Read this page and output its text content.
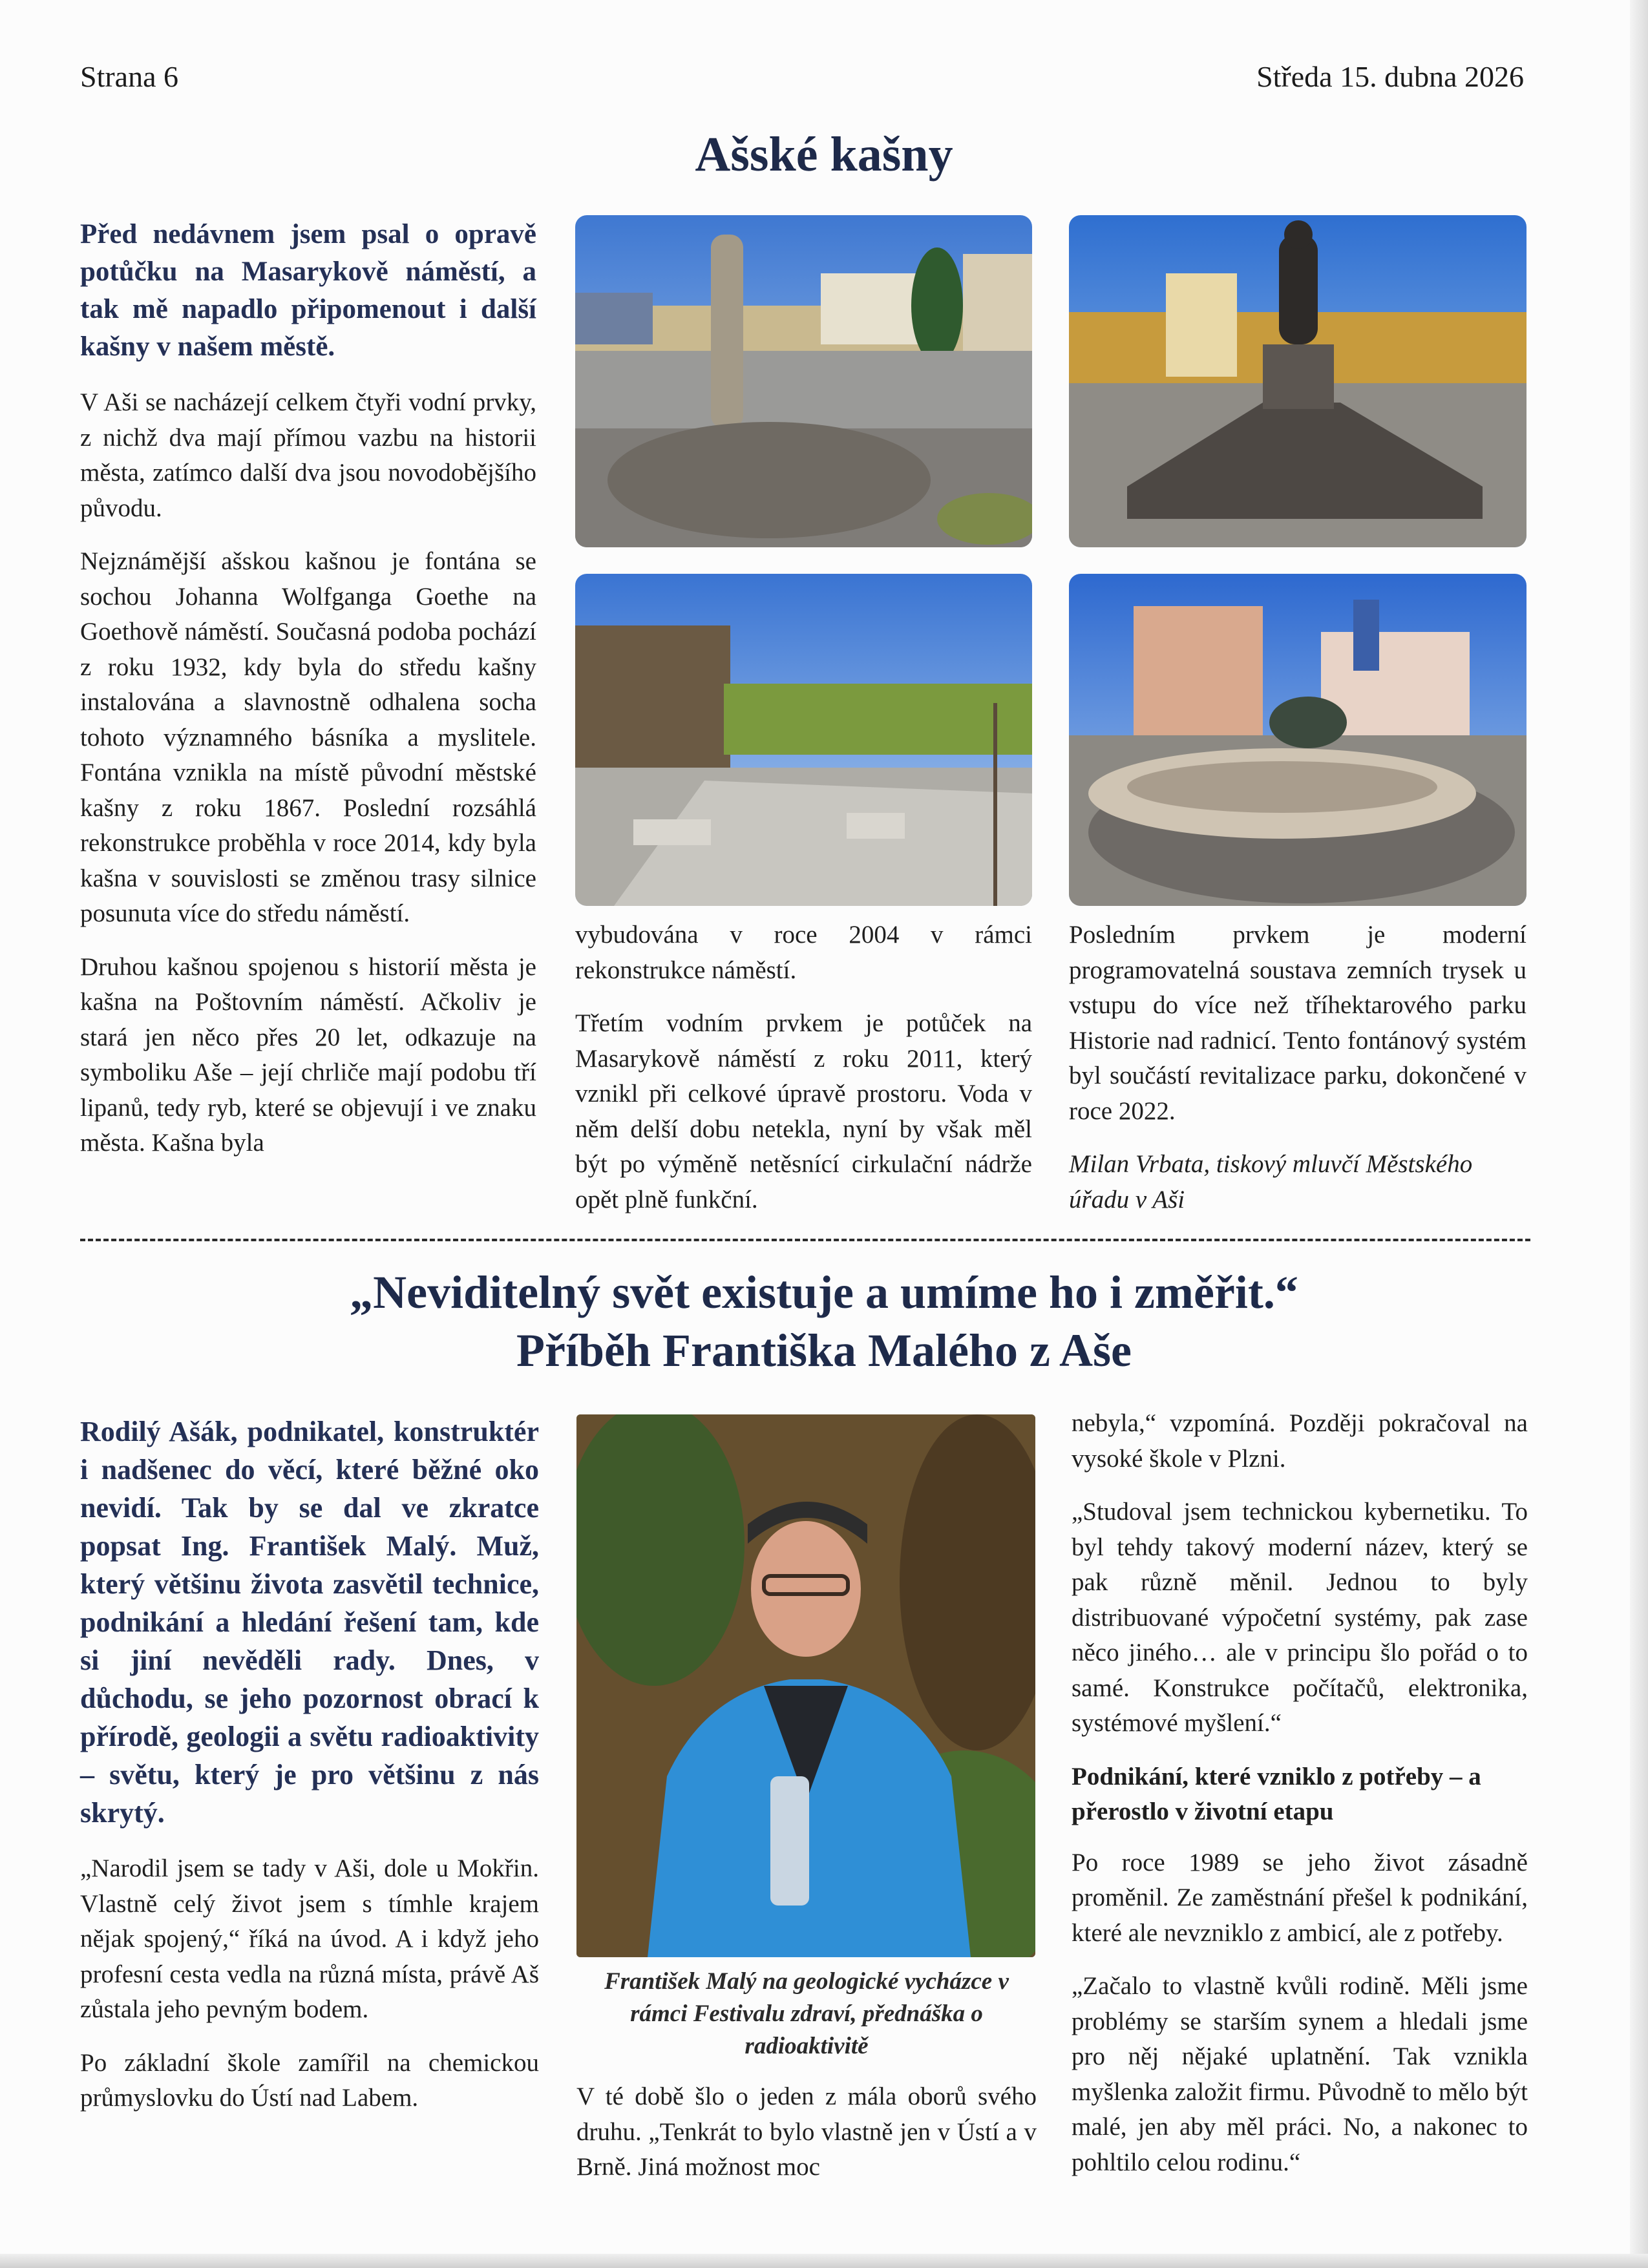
Strana 6	Středa 15. dubna 2026
Ašské kašny

Před nedávnem jsem psal o opravě potůčku na Masarykově náměstí, a tak mě napadlo připomenout i další kašny v našem městě.

V Aši se nacházejí celkem čtyři vodní prvky, z nichž dva mají přímou vazbu na historii města, zatímco další dva jsou novodobějšího původu.

Nejznámější ašskou kašnou je fontána se sochou Johanna Wolfganga Goethe na Goethově náměstí. Současná podoba pochází z roku 1932, kdy byla do středu kašny instalována a slavnostně odhalena socha tohoto významného básníka a myslitele. Fontána vznikla na místě původní městské kašny z roku 1867. Poslední rozsáhlá rekonstrukce proběhla v roce 2014, kdy byla kašna v souvislosti se změnou trasy silnice posunuta více do středu náměstí.

Druhou kašnou spojenou s historií města je kašna na Poštovním náměstí. Ačkoliv je stará jen něco přes 20 let, odkazuje na symboliku Aše – její chrliče mají podobu tří lipanů, tedy ryb, které se objevují i ve znaku města. Kašna byla

vybudována v roce 2004 v rámci rekonstrukce náměstí.

Třetím vodním prvkem je potůček na Masarykově náměstí z roku 2011, který vznikl při celkové úpravě prostoru. Voda v něm delší dobu netekla, nyní by však měl být po výměně netěsnící cirkulační nádrže opět plně funkční.

Posledním prvkem je moderní programovatelná soustava zemních trysek u vstupu do více než tříhektarového parku Historie nad radnicí. Tento fontánový systém byl součástí revitalizace parku, dokončené v roce 2022.

Milan Vrbata, tiskový mluvčí Městského úřadu v Aši

„Neviditelný svět existuje a umíme ho i změřit.“
Příběh Františka Malého z Aše

Rodilý Ašák, podnikatel, konstruktér i nadšenec do věcí, které běžné oko nevidí. Tak by se dal ve zkratce popsat Ing. František Malý. Muž, který většinu života zasvětil technice, podnikání a hledání řešení tam, kde si jiní nevěděli rady. Dnes, v důchodu, se jeho pozornost obrací k přírodě, geologii a světu radioaktivity – světu, který je pro většinu z nás skrytý.

„Narodil jsem se tady v Aši, dole u Mokřin. Vlastně celý život jsem s tímhle krajem nějak spojený,“ říká na úvod. A i když jeho profesní cesta vedla na různá místa, právě Aš zůstala jeho pevným bodem.

Po základní škole zamířil na chemickou průmyslovku do Ústí nad Labem.

František Malý na geologické vycházce v rámci Festivalu zdraví, přednáška o radioaktivitě

V té době šlo o jeden z mála oborů svého druhu. „Tenkrát to bylo vlastně jen v Ústí a v Brně. Jiná možnost moc

nebyla,“ vzpomíná. Později pokračoval na vysoké škole v Plzni.

„Studoval jsem technickou kybernetiku. To byl tehdy takový moderní název, který se pak různě měnil. Jednou to byly distribuované výpočetní systémy, pak zase něco jiného… ale v principu šlo pořád o to samé. Konstrukce počítačů, elektronika, systémové myšlení.“

Podnikání, které vzniklo z potřeby – a přerostlo v životní etapu

Po roce 1989 se jeho život zásadně proměnil. Ze zaměstnání přešel k podnikání, které ale nevzniklo z ambicí, ale z potřeby.

„Začalo to vlastně kvůli rodině. Měli jsme problémy se starším synem a hledali jsme pro něj nějaké uplatnění. Tak vznikla myšlenka založit firmu. Původně to mělo být malé, jen aby měl práci. No, a nakonec to pohltilo celou rodinu.“
